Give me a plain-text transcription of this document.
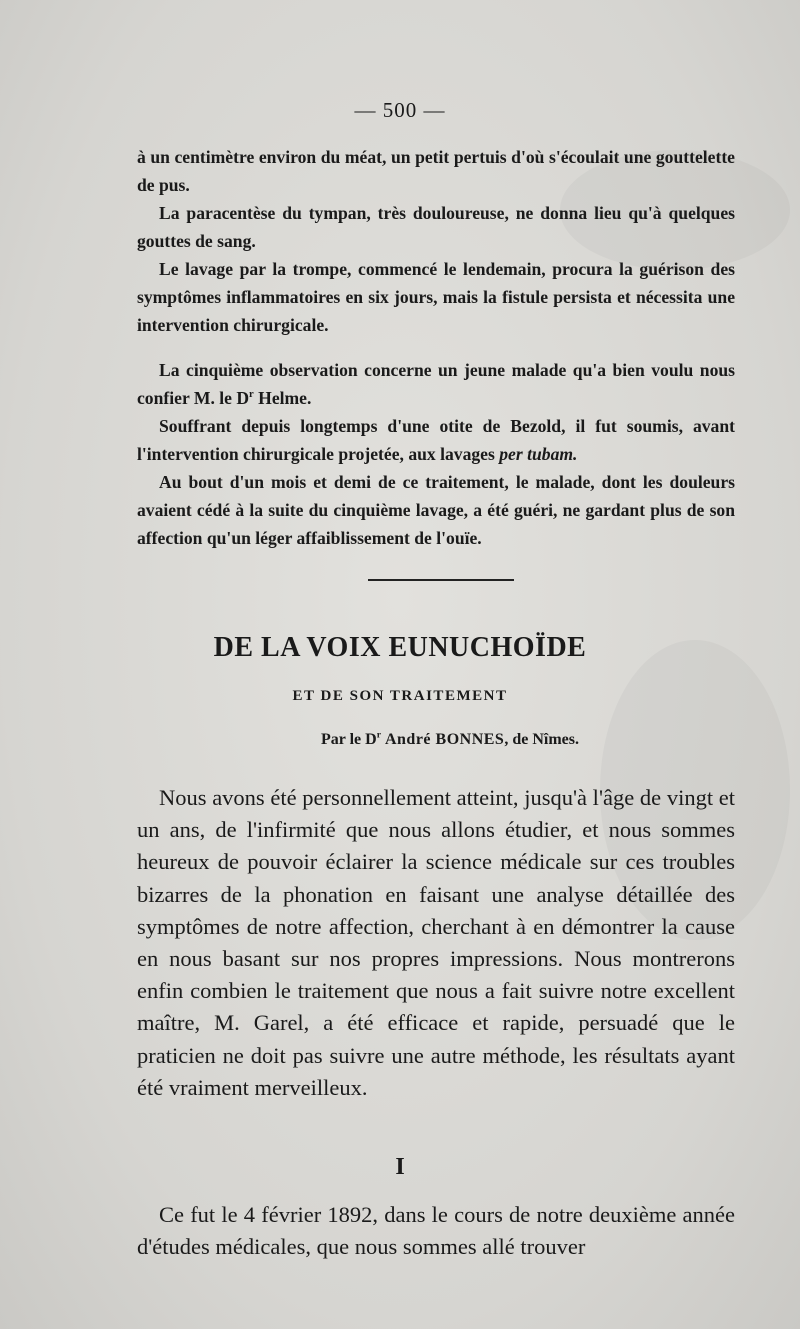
— 500 —

à un centimètre environ du méat, un petit pertuis d'où s'écoulait une gouttelette de pus.

La paracentèse du tympan, très douloureuse, ne donna lieu qu'à quelques gouttes de sang.

Le lavage par la trompe, commencé le lendemain, procura la guérison des symptômes inflammatoires en six jours, mais la fistule persista et nécessita une intervention chirurgicale.

La cinquième observation concerne un jeune malade qu'a bien voulu nous confier M. le $D^r$ Helme.

Souffrant depuis longtemps d'une otite de Bezold, il fut soumis, avant l'intervention chirurgicale projetée, aux lavages per tubam.

Au bout d'un mois et demi de ce traitement, le malade, dont les douleurs avaient cédé à la suite du cinquième lavage, a été guéri, ne gardant plus de son affection qu'un léger affaiblissement de l'ouïe.

DE LA VOIX EUNUCHOÏDE
ET DE SON TRAITEMENT
Par le $D^r$ André BONNES, de Nîmes.

Nous avons été personnellement atteint, jusqu'à l'âge de vingt et un ans, de l'infirmité que nous allons étudier, et nous sommes heureux de pouvoir éclairer la science médicale sur ces troubles bizarres de la phonation en faisant une analyse détaillée des symptômes de notre affection, cherchant à en démontrer la cause en nous basant sur nos propres impressions. Nous montrerons enfin combien le traitement que nous a fait suivre notre excellent maître, M. Garel, a été efficace et rapide, persuadé que le praticien ne doit pas suivre une autre méthode, les résultats ayant été vraiment merveilleux.

I

Ce fut le 4 février 1892, dans le cours de notre deuxième année d'études médicales, que nous sommes allé trouver
